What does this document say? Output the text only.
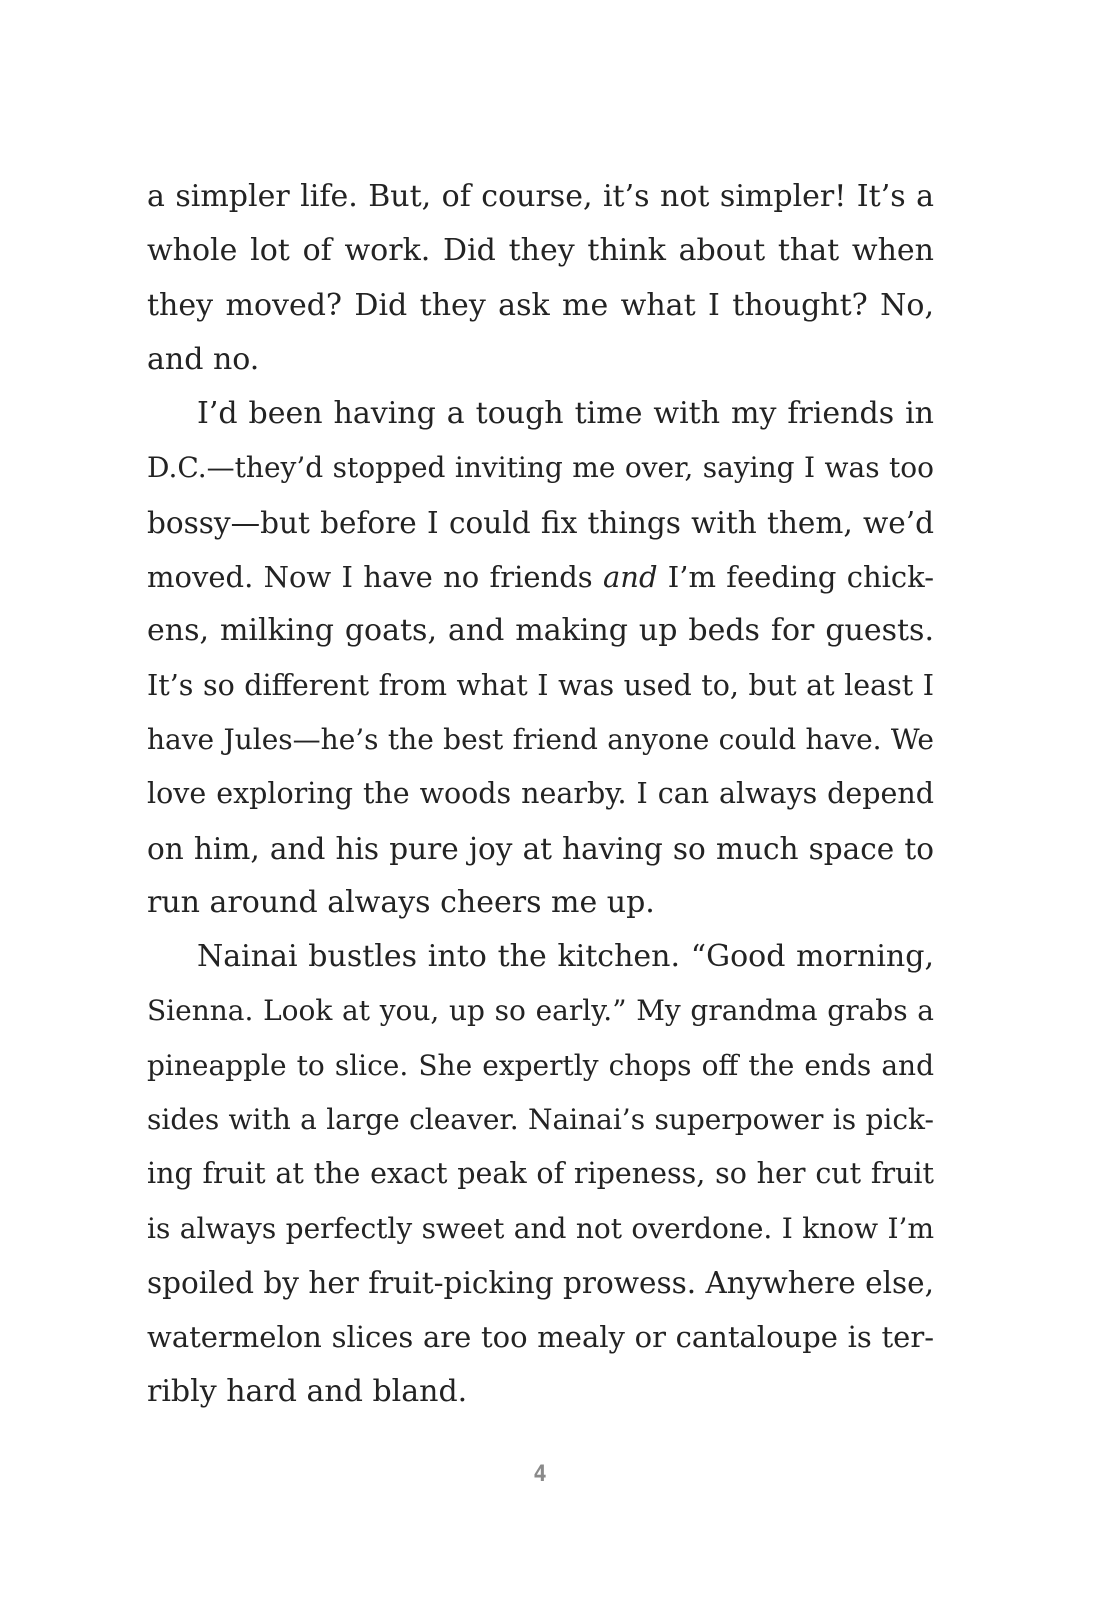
a simpler life. But, of course, it’s not simpler! It’s a
whole lot of work. Did they think about that when
they moved? Did they ask me what I thought? No,
and no.
I’d been having a tough time with my friends in
D.C.—they’d stopped inviting me over, saying I was too
bossy—but before I could fix things with them, we’d
moved. Now I have no friends and I’m feeding chick-
ens, milking goats, and making up beds for guests.
It’s so different from what I was used to, but at least I
have Jules—he’s the best friend anyone could have. We
love exploring the woods nearby. I can always depend
on him, and his pure joy at having so much space to
run around always cheers me up.
Nainai bustles into the kitchen. “Good morning,
Sienna. Look at you, up so early.” My grandma grabs a
pineapple to slice. She expertly chops off the ends and
sides with a large cleaver. Nainai’s superpower is pick-
ing fruit at the exact peak of ripeness, so her cut fruit
is always perfectly sweet and not overdone. I know I’m
spoiled by her fruit-picking prowess. Anywhere else,
watermelon slices are too mealy or cantaloupe is ter-
ribly hard and bland.
4
